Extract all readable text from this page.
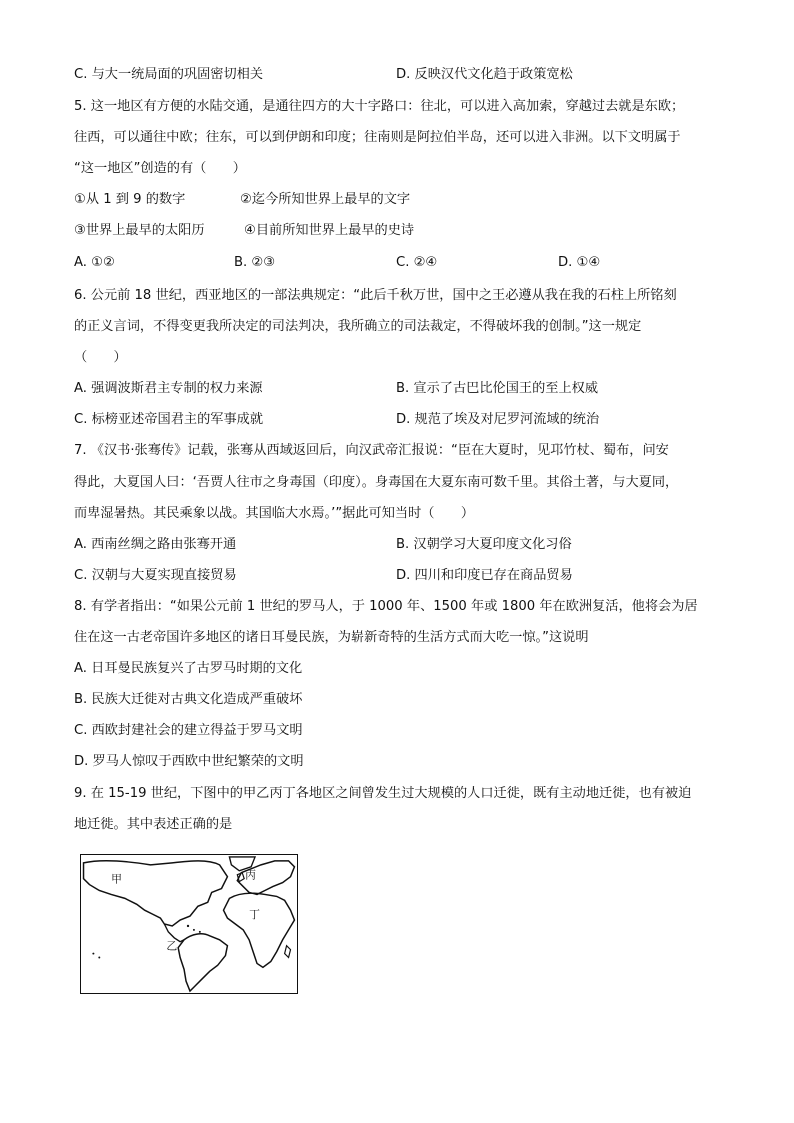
C. 与大一统局面的巩固密切相关	D. 反映汉代文化趋于政策宽松
5. 这一地区有方便的水陆交通，是通往四方的大十字路口：往北，可以进入高加索，穿越过去就是东欧；
往西，可以通往中欧；往东，可以到伊朗和印度；往南则是阿拉伯半岛，还可以进入非洲。以下文明属于
“这一地区”创造的有（　　）
①从 1 到 9 的数字	②迄今所知世界上最早的文字
③世界上最早的太阳历	④目前所知世界上最早的史诗
A. ①②	B. ②③	C. ②④	D. ①④
6. 公元前 18 世纪，西亚地区的一部法典规定：“此后千秋万世，国中之王必遵从我在我的石柱上所铭刻
的正义言词，不得变更我所决定的司法判决，我所确立的司法裁定，不得破坏我的创制。”这一规定
（　　）
A. 强调波斯君主专制的权力来源	B. 宣示了古巴比伦国王的至上权威
C. 标榜亚述帝国君主的军事成就	D. 规范了埃及对尼罗河流域的统治
7. 《汉书·张骞传》记载，张骞从西域返回后，向汉武帝汇报说：“臣在大夏时，见邛竹杖、蜀布，问安
得此，大夏国人曰：‘吾贾人往市之身毒国（印度）。身毒国在大夏东南可数千里。其俗土著，与大夏同，
而卑湿暑热。其民乘象以战。其国临大水焉。’”据此可知当时（　　）
A. 西南丝绸之路由张骞开通	B. 汉朝学习大夏印度文化习俗
C. 汉朝与大夏实现直接贸易	D. 四川和印度已存在商品贸易
8. 有学者指出：“如果公元前 1 世纪的罗马人，于 1000 年、1500 年或 1800 年在欧洲复活，他将会为居
住在这一古老帝国许多地区的诸日耳曼民族，为崭新奇特的生活方式而大吃一惊。”这说明
A. 日耳曼民族复兴了古罗马时期的文化
B. 民族大迁徙对古典文化造成严重破坏
C. 西欧封建社会的建立得益于罗马文明
D. 罗马人惊叹于西欧中世纪繁荣的文明
9. 在 15-19 世纪，下图中的甲乙丙丁各地区之间曾发生过大规模的人口迁徙，既有主动地迁徙，也有被迫
地迁徙。其中表述正确的是
甲
乙
丙
丁
